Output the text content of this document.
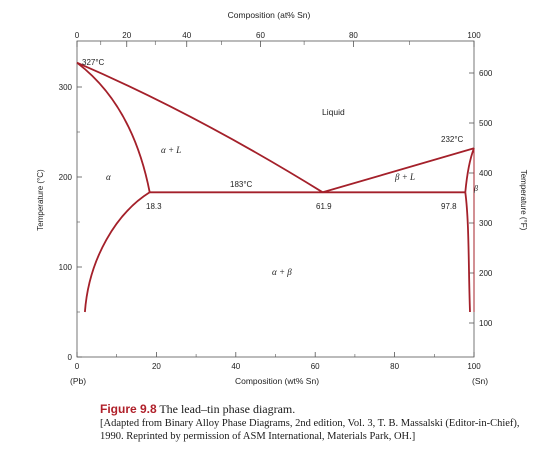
Composition (at% Sn)
0	20	40	60	80	100
0	20	40	60	80	100
Composition (wt% Sn)
(Pb)	(Sn)
0
100
200
300
Temperature (°C)
100
200
300
400
500
600
Temperature (°F)
327°C
232°C
183°C
18.3	61.9	97.8
Liquid
α + L
β + L
α
β
α + β
Figure 9.8 The lead–tin phase diagram.
[Adapted from Binary Alloy Phase Diagrams, 2nd edition, Vol. 3, T. B. Massalski (Editor-in-Chief),
1990. Reprinted by permission of ASM International, Materials Park, OH.]
